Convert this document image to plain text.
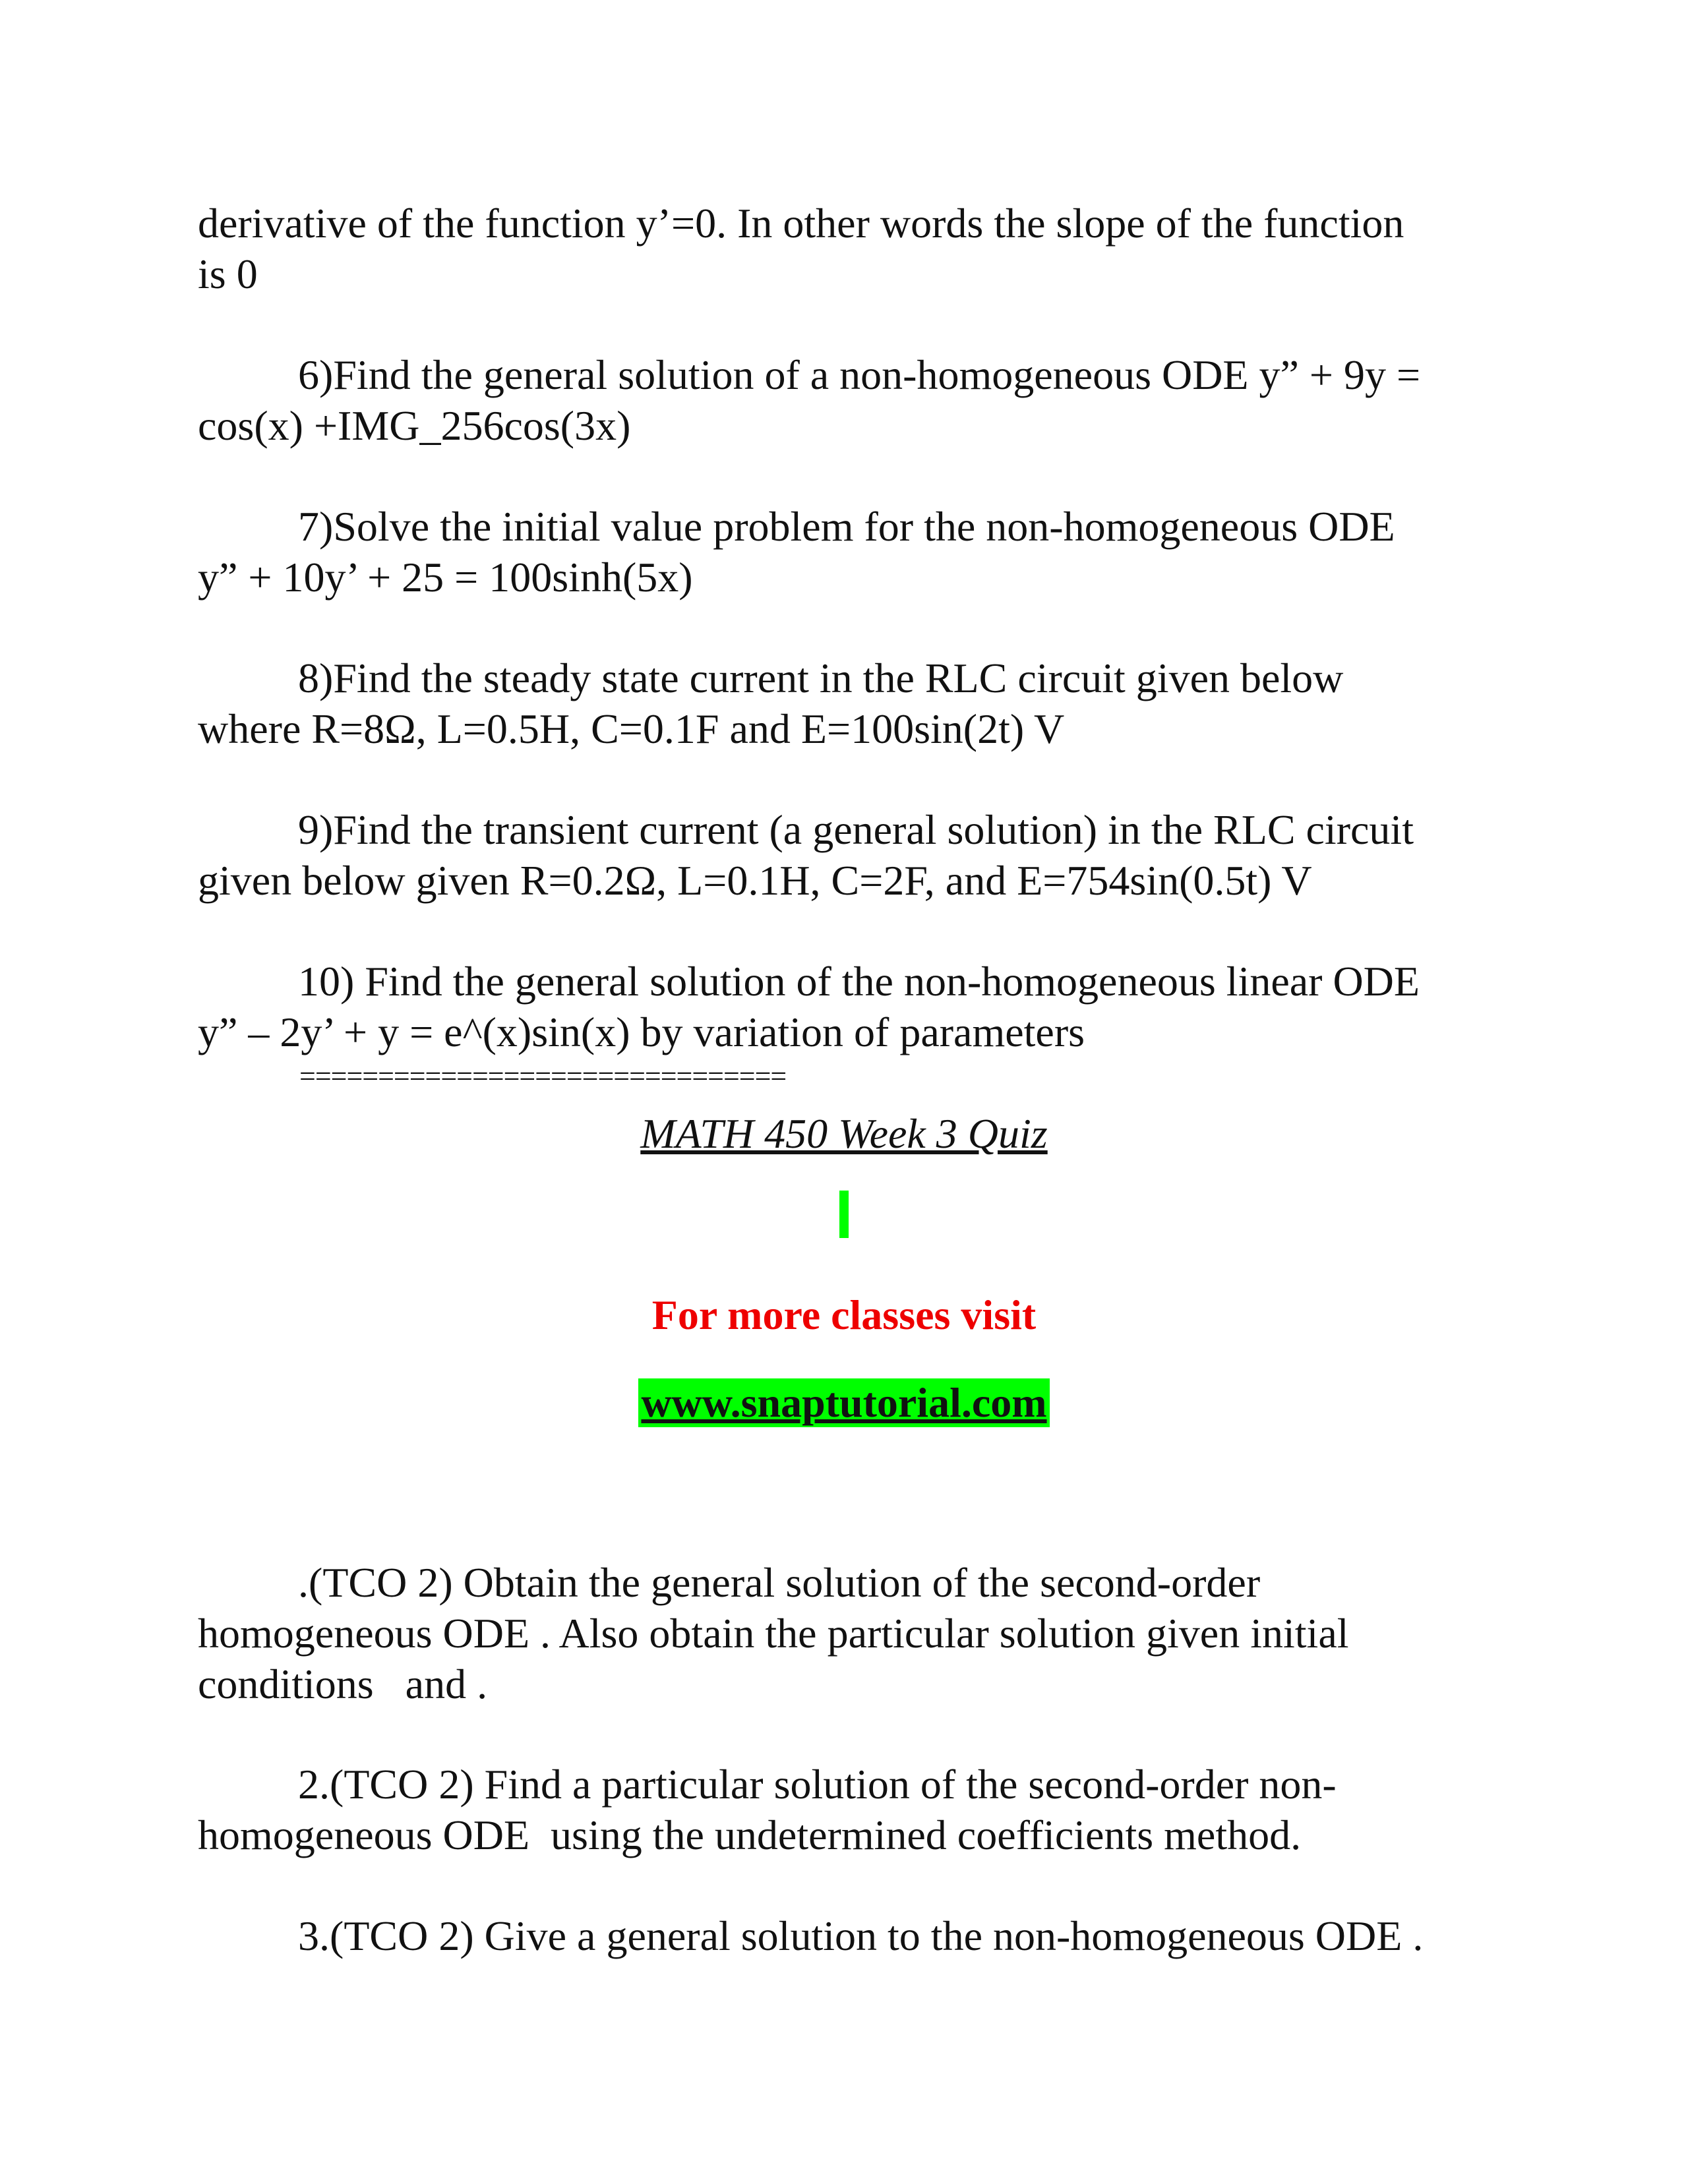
derivative of the function y’=0. In other words the slope of the function
is 0

6)Find the general solution of a non-homogeneous ODE y” + 9y =
cos(x) +IMG_256cos(3x)

7)Solve the initial value problem for the non-homogeneous ODE
y” + 10y’ + 25 = 100sinh(5x)

8)Find the steady state current in the RLC circuit given below
where R=8Ω, L=0.5H, C=0.1F and E=100sin(2t) V

9)Find the transient current (a general solution) in the RLC circuit
given below given R=0.2Ω, L=0.1H, C=2F, and E=754sin(0.5t) V

10) Find the general solution of the non-homogeneous linear ODE
y” – 2y’ + y = e^(x)sin(x) by variation of parameters

===============================
MATH 450 Week 3 Quiz
For more classes visit
www.snaptutorial.com

.(TCO 2) Obtain the general solution of the second-order
homogeneous ODE . Also obtain the particular solution given initial
conditions   and .

2.(TCO 2) Find a particular solution of the second-order non-
homogeneous ODE  using the undetermined coefficients method.

3.(TCO 2) Give a general solution to the non-homogeneous ODE .
